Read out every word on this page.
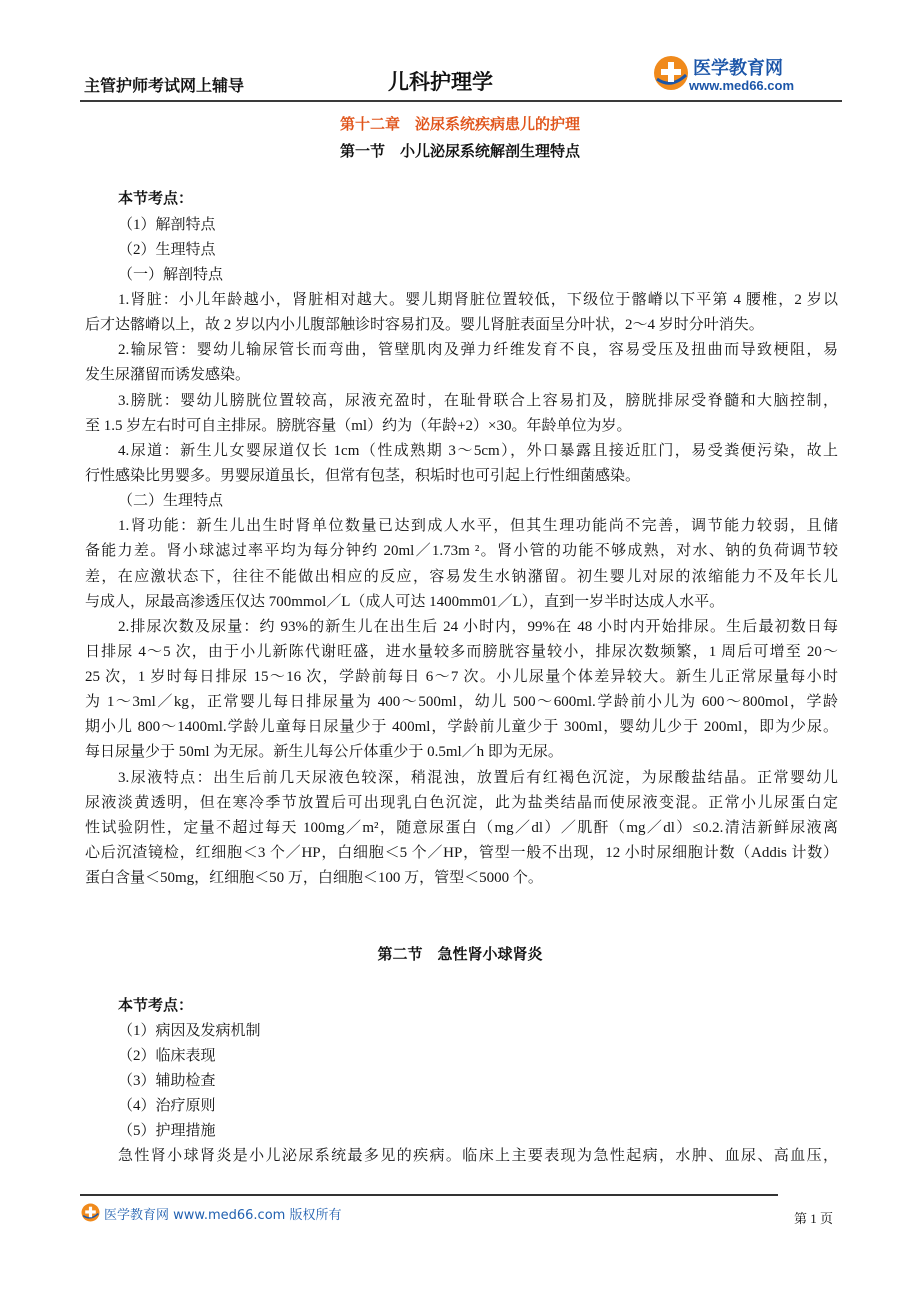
主管护师考试网上辅导	儿科护理学
医学教育网
www.med66.com
第十二章　泌尿系统疾病患儿的护理
第一节　小儿泌尿系统解剖生理特点
本节考点：
（1）解剖特点
（2）生理特点
（一）解剖特点
1.肾脏：小儿年龄越小，肾脏相对越大。婴儿期肾脏位置较低，下级位于髂嵴以下平第 4 腰椎，2 岁以
后才达髂嵴以上，故 2 岁以内小儿腹部触诊时容易扪及。婴儿肾脏表面呈分叶状，2～4 岁时分叶消失。
2.输尿管：婴幼儿输尿管长而弯曲，管壁肌肉及弹力纤维发育不良，容易受压及扭曲而导致梗阻，易
发生尿潴留而诱发感染。
3.膀胱：婴幼儿膀胱位置较高，尿液充盈时，在耻骨联合上容易扪及，膀胱排尿受脊髓和大脑控制，
至 1.5 岁左右时可自主排尿。膀胱容量（ml）约为（年龄+2）×30。年龄单位为岁。
4.尿道：新生儿女婴尿道仅长 1cm（性成熟期 3～5cm），外口暴露且接近肛门，易受粪便污染，故上
行性感染比男婴多。男婴尿道虽长，但常有包茎，积垢时也可引起上行性细菌感染。
（二）生理特点
1.肾功能：新生儿出生时肾单位数量已达到成人水平，但其生理功能尚不完善，调节能力较弱，且储
备能力差。肾小球滤过率平均为每分钟约 20ml／1.73m ²。肾小管的功能不够成熟，对水、钠的负荷调节较
差，在应激状态下，往往不能做出相应的反应，容易发生水钠潴留。初生婴儿对尿的浓缩能力不及年长儿
与成人，尿最高渗透压仅达 700mmol／L（成人可达 1400mm01／L），直到一岁半时达成人水平。
2.排尿次数及尿量：约 93%的新生儿在出生后 24 小时内，99%在 48 小时内开始排尿。生后最初数日每
日排尿 4～5 次，由于小儿新陈代谢旺盛，进水量较多而膀胱容量较小，排尿次数频繁，1 周后可增至 20～
25 次，1 岁时每日排尿 15～16 次，学龄前每日 6～7 次。小儿尿量个体差异较大。新生儿正常尿量每小时
为 1～3ml／kg，正常婴儿每日排尿量为 400～500ml，幼儿 500～600ml.学龄前小儿为 600～800mol，学龄
期小儿 800～1400ml.学龄儿童每日尿量少于 400ml，学龄前儿童少于 300ml，婴幼儿少于 200ml，即为少尿。
每日尿量少于 50ml 为无尿。新生儿每公斤体重少于 0.5ml／h 即为无尿。
3.尿液特点：出生后前几天尿液色较深，稍混浊，放置后有红褐色沉淀，为尿酸盐结晶。正常婴幼儿
尿液淡黄透明，但在寒冷季节放置后可出现乳白色沉淀，此为盐类结晶而使尿液变混。正常小儿尿蛋白定
性试验阴性，定量不超过每天 100mg／m²，随意尿蛋白（mg／dl）／肌酐（mg／dl）≤0.2.清洁新鲜尿液离
心后沉渣镜检，红细胞＜3 个／HP，白细胞＜5 个／HP，管型一般不出现，12 小时尿细胞计数（Addis 计数）
蛋白含量＜50mg，红细胞＜50 万，白细胞＜100 万，管型＜5000 个。
第二节　急性肾小球肾炎
本节考点：
（1）病因及发病机制
（2）临床表现
（3）辅助检查
（4）治疗原则
（5）护理措施
急性肾小球肾炎是小儿泌尿系统最多见的疾病。临床上主要表现为急性起病，水肿、血尿、高血压，
医学教育网 www.med66.com 版权所有	第 1 页
